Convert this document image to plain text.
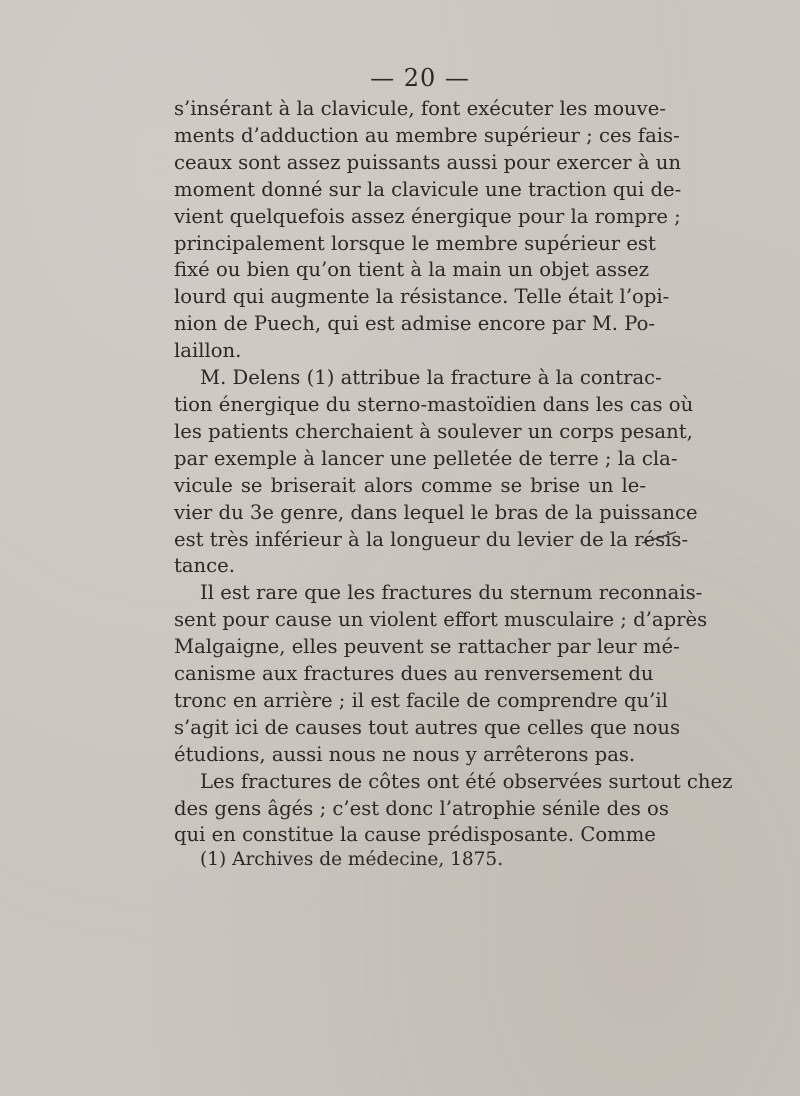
— 20 —
s’insérant à la clavicule, font exécuter les mouve-
ments d’adduction au membre supérieur ; ces fais-
ceaux sont assez puissants aussi pour exercer à un
moment donné sur la clavicule une traction qui de-
vient quelquefois assez énergique pour la rompre ;
principalement lorsque le membre supérieur est
fixé ou bien qu’on tient à la main un objet assez
lourd qui augmente la résistance. Telle était l’opi-
nion de Puech, qui est admise encore par M. Po-
laillon.
M. Delens (1) attribue la fracture à la contrac-
tion énergique du sterno-mastoïdien dans les cas où
les patients cherchaient à soulever un corps pesant,
par exemple à lancer une pelletée de terre ; la cla-
vicule se briserait alors comme se brise un le-
vier du 3e genre, dans lequel le bras de la puissance
est très inférieur à la longueur du levier de la résis-
tance.
Il est rare que les fractures du sternum reconnais-
sent pour cause un violent effort musculaire ; d’après
Malgaigne, elles peuvent se rattacher par leur mé-
canisme aux fractures dues au renversement du
tronc en arrière ; il est facile de comprendre qu’il
s’agit ici de causes tout autres que celles que nous
étudions, aussi nous ne nous y arrêterons pas.
Les fractures de côtes ont été observées surtout chez
des gens âgés ; c’est donc l’atrophie sénile des os
qui en constitue la cause prédisposante. Comme
(1) Archives de médecine, 1875.
